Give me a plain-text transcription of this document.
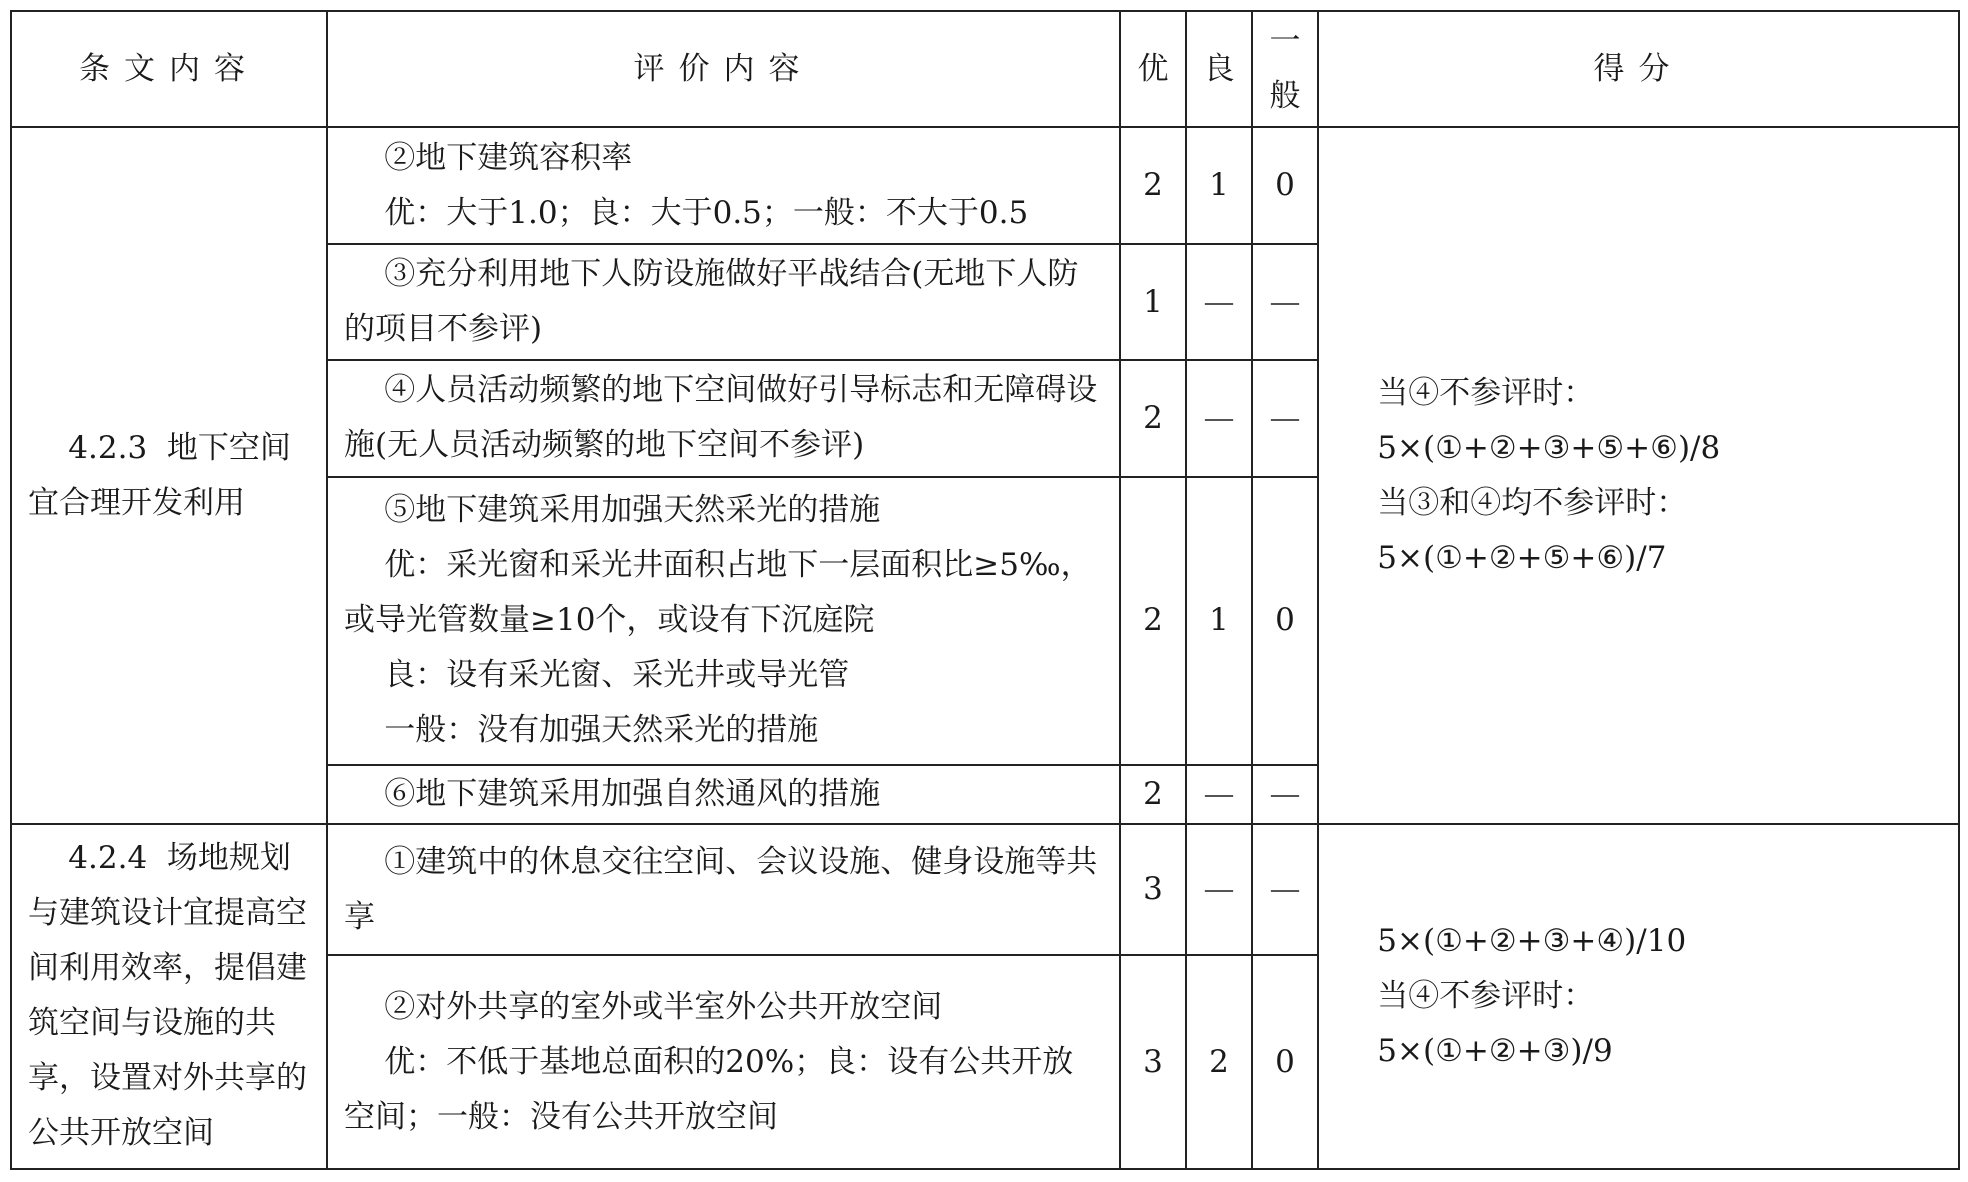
条文内容	评价内容	优	良	一般	得分

4.2.3  地下空间宜合理开发利用	②地下建筑容积率
优：大于1.0；良：大于0.5；一般：不大于0.5	2	1	0	当④不参评时：
5×(①+②+③+⑤+⑥)/8
当③和④均不参评时：
5×(①+②+⑤+⑥)/7

	③充分利用地下人防设施做好平战结合(无地下人防的项目不参评)	1	—	—	

	④人员活动频繁的地下空间做好引导标志和无障碍设施(无人员活动频繁的地下空间不参评)	2	—	—	

	⑤地下建筑采用加强天然采光的措施
优：采光窗和采光井面积占地下一层面积比≥5‰，或导光管数量≥10个，或设有下沉庭院
良：设有采光窗、采光井或导光管
一般：没有加强天然采光的措施	2	1	0	

	⑥地下建筑采用加强自然通风的措施	2	—	—	

4.2.4  场地规划与建筑设计宜提高空间利用效率，提倡建筑空间与设施的共享，设置对外共享的公共开放空间	①建筑中的休息交往空间、会议设施、健身设施等共享	3	—	—	5×(①+②+③+④)/10
当④不参评时：
5×(①+②+③)/9

	②对外共享的室外或半室外公共开放空间
优：不低于基地总面积的20%；良：设有公共开放空间；一般：没有公共开放空间	3	2	0	
